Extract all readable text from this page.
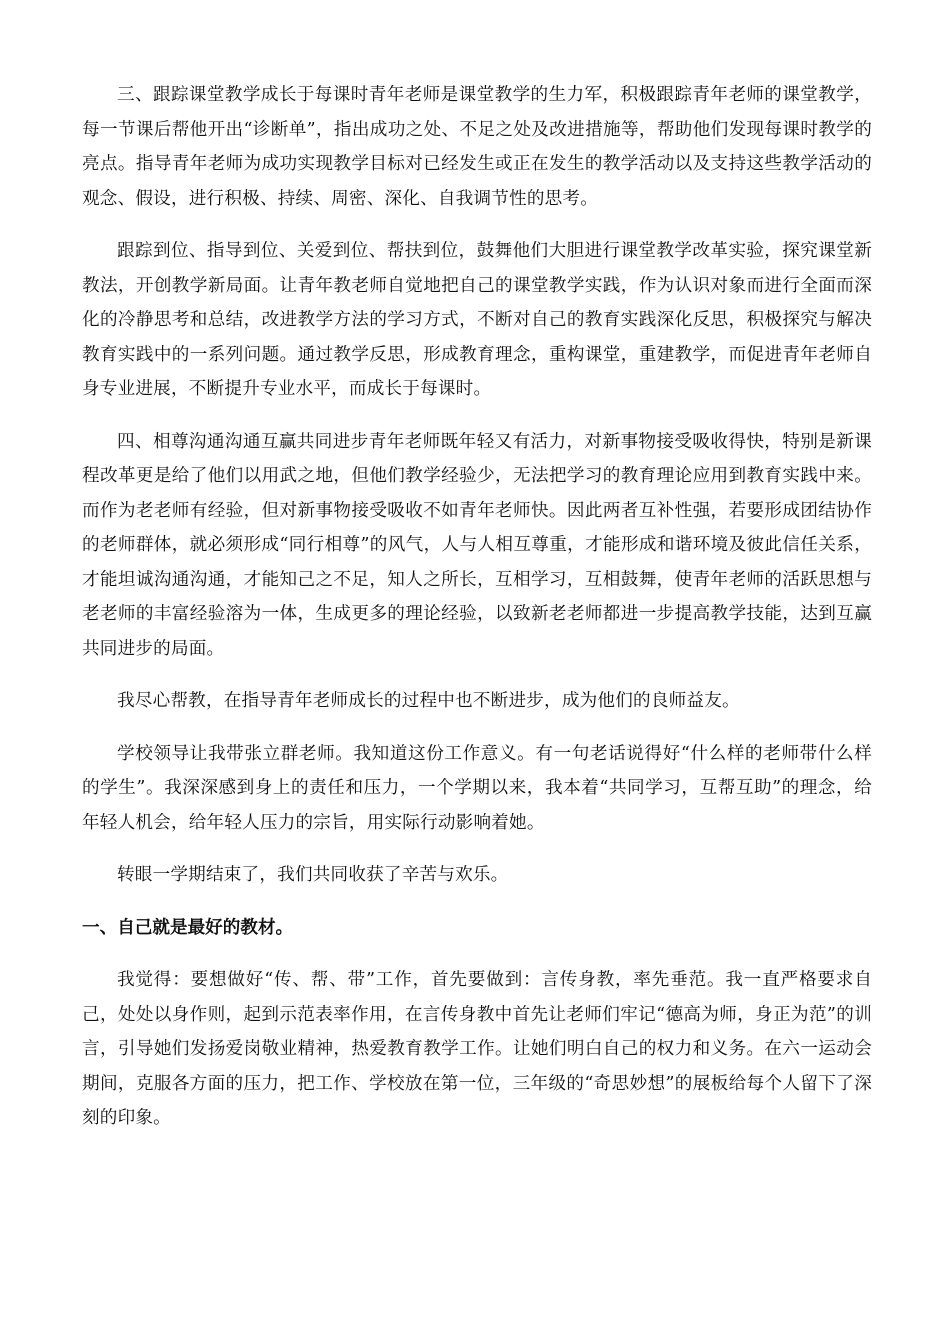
三、跟踪课堂教学成长于每课时青年老师是课堂教学的生力军，积极跟踪青年老师的课堂教学，每一节课后帮他开出“诊断单”，指出成功之处、不足之处及改进措施等，帮助他们发现每课时教学的亮点。指导青年老师为成功实现教学目标对已经发生或正在发生的教学活动以及支持这些教学活动的观念、假设，进行积极、持续、周密、深化、自我调节性的思考。

跟踪到位、指导到位、关爱到位、帮扶到位，鼓舞他们大胆进行课堂教学改革实验，探究课堂新教法，开创教学新局面。让青年教老师自觉地把自己的课堂教学实践，作为认识对象而进行全面而深化的冷静思考和总结，改进教学方法的学习方式，不断对自己的教育实践深化反思，积极探究与解决教育实践中的一系列问题。通过教学反思，形成教育理念，重构课堂，重建教学，而促进青年老师自身专业进展，不断提升专业水平，而成长于每课时。

四、相尊沟通沟通互赢共同进步青年老师既年轻又有活力，对新事物接受吸收得快，特别是新课程改革更是给了他们以用武之地，但他们教学经验少，无法把学习的教育理论应用到教育实践中来。而作为老老师有经验，但对新事物接受吸收不如青年老师快。因此两者互补性强，若要形成团结协作的老师群体，就必须形成“同行相尊”的风气，人与人相互尊重，才能形成和谐环境及彼此信任关系，才能坦诚沟通沟通，才能知己之不足，知人之所长，互相学习，互相鼓舞，使青年老师的活跃思想与老老师的丰富经验溶为一体，生成更多的理论经验，以致新老老师都进一步提高教学技能，达到互赢共同进步的局面。

我尽心帮教，在指导青年老师成长的过程中也不断进步，成为他们的良师益友。

学校领导让我带张立群老师。我知道这份工作意义。有一句老话说得好“什么样的老师带什么样的学生”。我深深感到身上的责任和压力，一个学期以来，我本着“共同学习，互帮互助”的理念，给年轻人机会，给年轻人压力的宗旨，用实际行动影响着她。

转眼一学期结束了，我们共同收获了辛苦与欢乐。

一、自己就是最好的教材。

我觉得：要想做好“传、帮、带”工作，首先要做到：言传身教，率先垂范。我一直严格要求自己，处处以身作则，起到示范表率作用，在言传身教中首先让老师们牢记“德高为师，身正为范”的训言，引导她们发扬爱岗敬业精神，热爱教育教学工作。让她们明白自己的权力和义务。在六一运动会期间，克服各方面的压力，把工作、学校放在第一位，三年级的“奇思妙想”的展板给每个人留下了深刻的印象。
